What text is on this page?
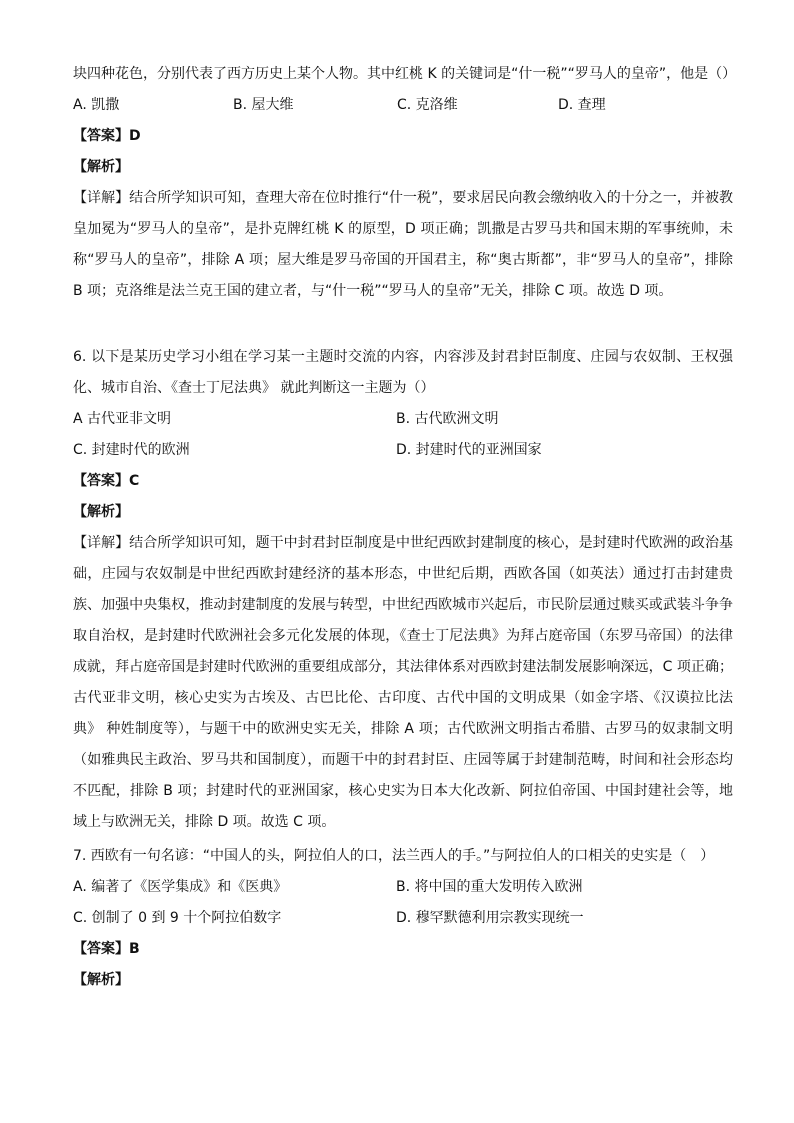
块四种花色，分别代表了西方历史上某个人物。其中红桃 K 的关键词是“什一税”“罗马人的皇帝”，他是（）

A. 凯撒	B. 屋大维	C. 克洛维	D. 查理

【答案】D

【解析】

【详解】结合所学知识可知，查理大帝在位时推行“什一税”，要求居民向教会缴纳收入的十分之一，并被教皇加冕为“罗马人的皇帝”，是扑克牌红桃 K 的原型，D 项正确；凯撒是古罗马共和国末期的军事统帅，未称“罗马人的皇帝”，排除 A 项；屋大维是罗马帝国的开国君主，称“奥古斯都”，非“罗马人的皇帝”，排除 B 项；克洛维是法兰克王国的建立者，与“什一税”“罗马人的皇帝”无关，排除 C 项。故选 D 项。

6. 以下是某历史学习小组在学习某一主题时交流的内容，内容涉及封君封臣制度、庄园与农奴制、王权强化、城市自治、《查士丁尼法典》 就此判断这一主题为（）

A 古代亚非文明	B. 古代欧洲文明
C. 封建时代的欧洲	D. 封建时代的亚洲国家

【答案】C

【解析】

【详解】结合所学知识可知，题干中封君封臣制度是中世纪西欧封建制度的核心，是封建时代欧洲的政治基础，庄园与农奴制是中世纪西欧封建经济的基本形态，中世纪后期，西欧各国（如英法）通过打击封建贵族、加强中央集权，推动封建制度的发展与转型，中世纪西欧城市兴起后，市民阶层通过赎买或武装斗争争取自治权，是封建时代欧洲社会多元化发展的体现，《查士丁尼法典》为拜占庭帝国（东罗马帝国）的法律成就，拜占庭帝国是封建时代欧洲的重要组成部分，其法律体系对西欧封建法制发展影响深远，C 项正确；古代亚非文明，核心史实为古埃及、古巴比伦、古印度、古代中国的文明成果（如金字塔、《汉谟拉比法典》 种姓制度等），与题干中的欧洲史实无关，排除 A 项；古代欧洲文明指古希腊、古罗马的奴隶制文明（如雅典民主政治、罗马共和国制度），而题干中的封君封臣、庄园等属于封建制范畴，时间和社会形态均不匹配，排除 B 项；封建时代的亚洲国家，核心史实为日本大化改新、阿拉伯帝国、中国封建社会等，地域上与欧洲无关，排除 D 项。故选 C 项。

7. 西欧有一句名谚：“中国人的头，阿拉伯人的口，法兰西人的手。”与阿拉伯人的口相关的史实是（　）

A. 编著了《医学集成》和《医典》	B. 将中国的重大发明传入欧洲
C. 创制了 0 到 9 十个阿拉伯数字	D. 穆罕默德利用宗教实现统一

【答案】B

【解析】
